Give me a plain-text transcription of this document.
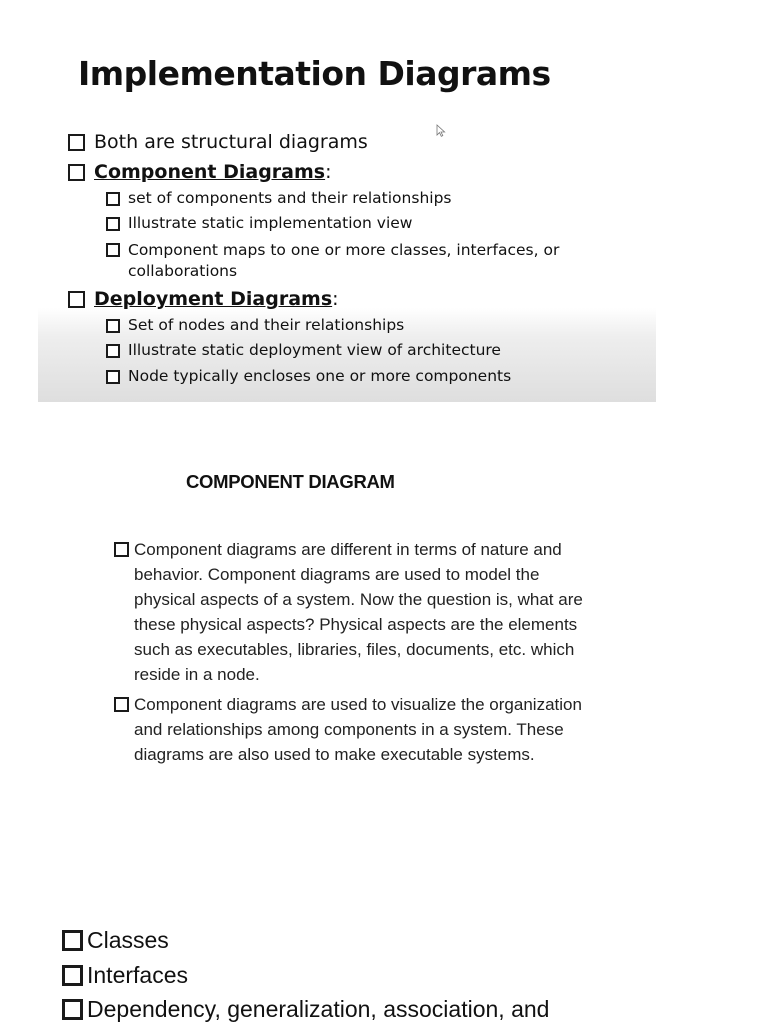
Implementation Diagrams
Both are structural diagrams
Component Diagrams:
set of components and their relationships
Illustrate static implementation view
Component maps to one or more classes, interfaces, or collaborations
Deployment Diagrams:
Set of nodes and their relationships
Illustrate static deployment view of architecture
Node typically encloses one or more components
COMPONENT DIAGRAM
Component diagrams are different in terms of nature and behavior. Component diagrams are used to model the physical aspects of a system. Now the question is, what are these physical aspects? Physical aspects are the elements such as executables, libraries, files, documents, etc. which reside in a node.
Component diagrams are used to visualize the organization and relationships among components in a system. These diagrams are also used to make executable systems.
Classes
Interfaces
Dependency, generalization, association, and
